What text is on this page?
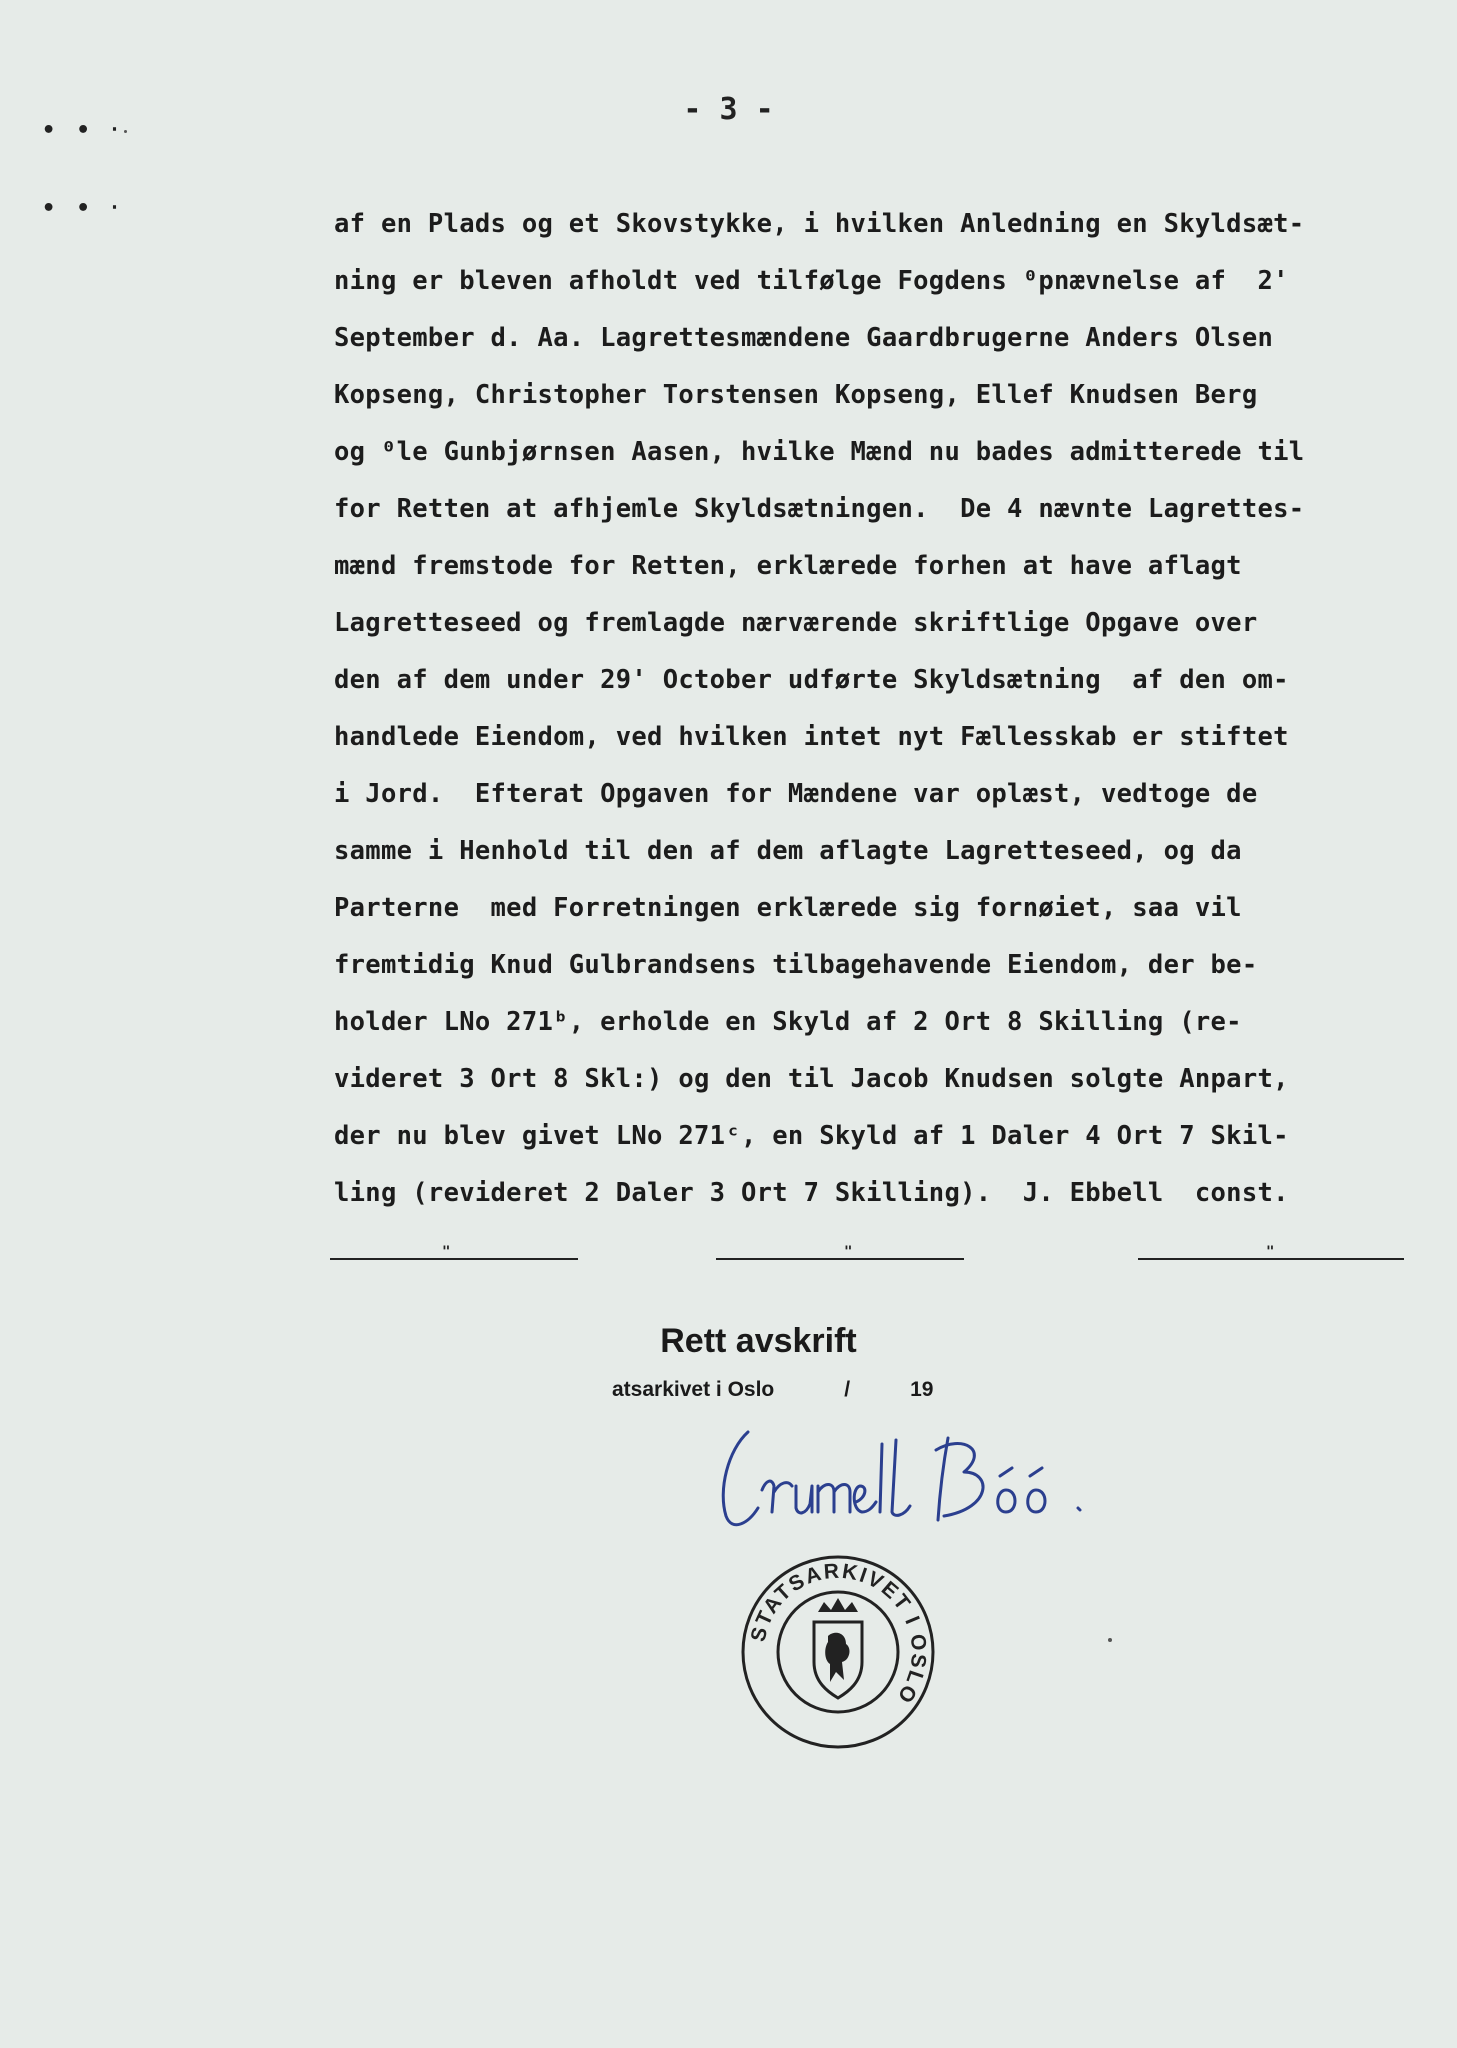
• • ‧
• • ‧
- 3 -
af en Plads og et Skovstykke, i hvilken Anledning en Skyldsæt-
ning er bleven afholdt ved tilfølge Fogdens ⁰pnævnelse af  2'
September d. Aa. Lagrettesmændene Gaardbrugerne Anders Olsen
Kopseng, Christopher Torstensen Kopseng, Ellef Knudsen Berg
og ⁰le Gunbjørnsen Aasen, hvilke Mænd nu bades admitterede til
for Retten at afhjemle Skyldsætningen.  De 4 nævnte Lagrettes-
mænd fremstode for Retten, erklærede forhen at have aflagt
Lagretteseed og fremlagde nærværende skriftlige Opgave over
den af dem under 29' October udførte Skyldsætning  af den om-
handlede Eiendom, ved hvilken intet nyt Fællesskab er stiftet
i Jord.  Efterat Opgaven for Mændene var oplæst, vedtoge de
samme i Henhold til den af dem aflagte Lagretteseed, og da
Parterne  med Forretningen erklærede sig fornøiet, saa vil
fremtidig Knud Gulbrandsens tilbagehavende Eiendom, der be-
holder LNo 271ᵇ, erholde en Skyld af 2 Ort 8 Skilling (re-
videret 3 Ort 8 Skl:) og den til Jacob Knudsen solgte Anpart,
der nu blev givet LNo 271ᶜ, en Skyld af 1 Daler 4 Ort 7 Skil-
ling (revideret 2 Daler 3 Ort 7 Skilling).  J. Ebbell  const.
"	"	"
Rett avskrift
atsarkivet i Oslo	/	19
STATSARKIVET I OSLO
